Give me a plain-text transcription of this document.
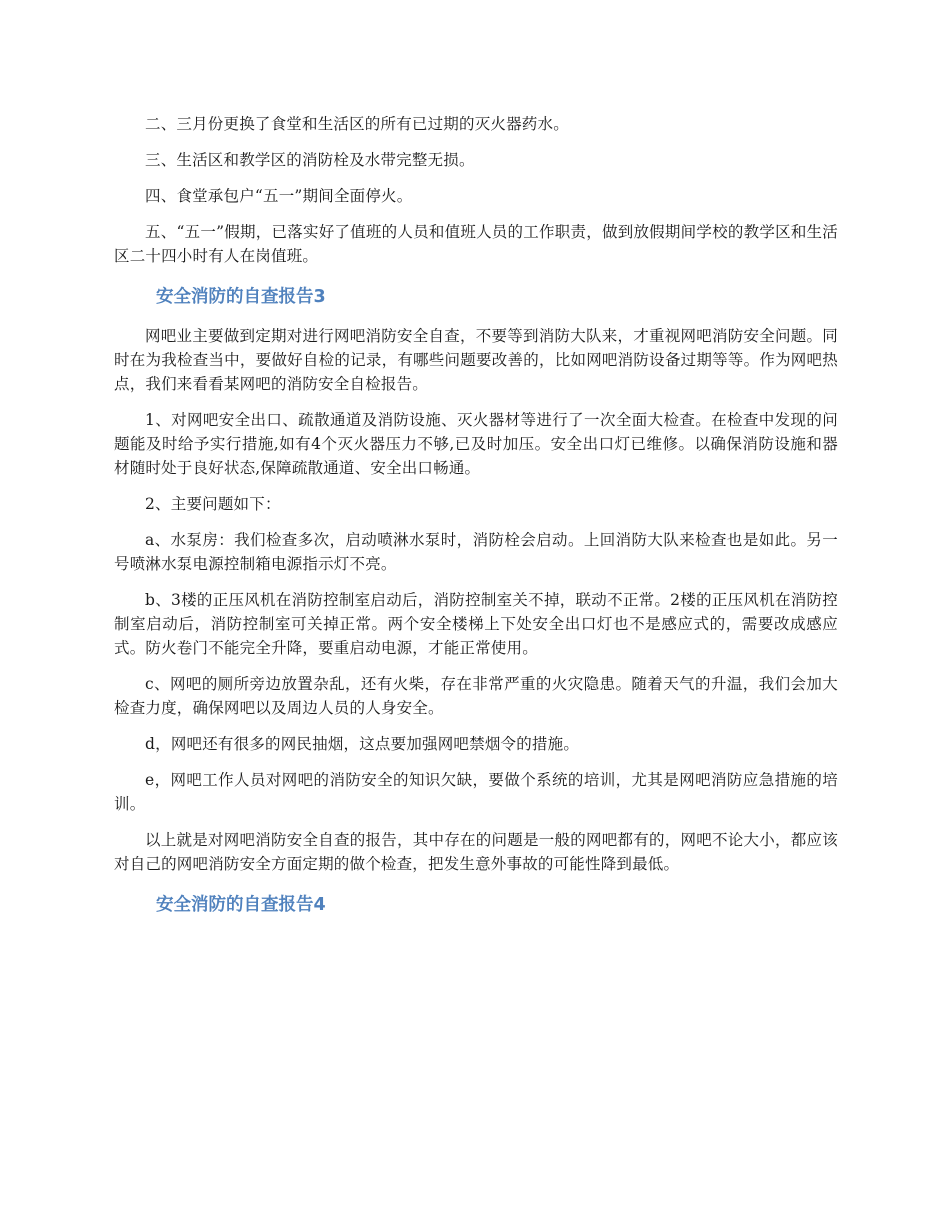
二、三月份更换了食堂和生活区的所有已过期的灭火器药水。

三、生活区和教学区的消防栓及水带完整无损。

四、食堂承包户“五一”期间全面停火。

五、“五一”假期，已落实好了值班的人员和值班人员的工作职责，做到放假期间学校的教学区和生活区二十四小时有人在岗值班。

安全消防的自查报告3

网吧业主要做到定期对进行网吧消防安全自查，不要等到消防大队来，才重视网吧消防安全问题。同时在为我检查当中，要做好自检的记录，有哪些问题要改善的，比如网吧消防设备过期等等。作为网吧热点，我们来看看某网吧的消防安全自检报告。

1、对网吧安全出口、疏散通道及消防设施、灭火器材等进行了一次全面大检查。在检查中发现的问题能及时给予实行措施,如有4个灭火器压力不够,已及时加压。安全出口灯已维修。以确保消防设施和器材随时处于良好状态,保障疏散通道、安全出口畅通。

2、主要问题如下：

a、水泵房：我们检查多次，启动喷淋水泵时，消防栓会启动。上回消防大队来检查也是如此。另一号喷淋水泵电源控制箱电源指示灯不亮。

b、3楼的正压风机在消防控制室启动后，消防控制室关不掉，联动不正常。2楼的正压风机在消防控制室启动后，消防控制室可关掉正常。两个安全楼梯上下处安全出口灯也不是感应式的，需要改成感应式。防火卷门不能完全升降，要重启动电源，才能正常使用。

c、网吧的厕所旁边放置杂乱，还有火柴，存在非常严重的火灾隐患。随着天气的升温，我们会加大检查力度，确保网吧以及周边人员的人身安全。

d，网吧还有很多的网民抽烟，这点要加强网吧禁烟令的措施。

e，网吧工作人员对网吧的消防安全的知识欠缺，要做个系统的培训，尤其是网吧消防应急措施的培训。

以上就是对网吧消防安全自查的报告，其中存在的问题是一般的网吧都有的，网吧不论大小，都应该对自己的网吧消防安全方面定期的做个检查，把发生意外事故的可能性降到最低。

安全消防的自查报告4
